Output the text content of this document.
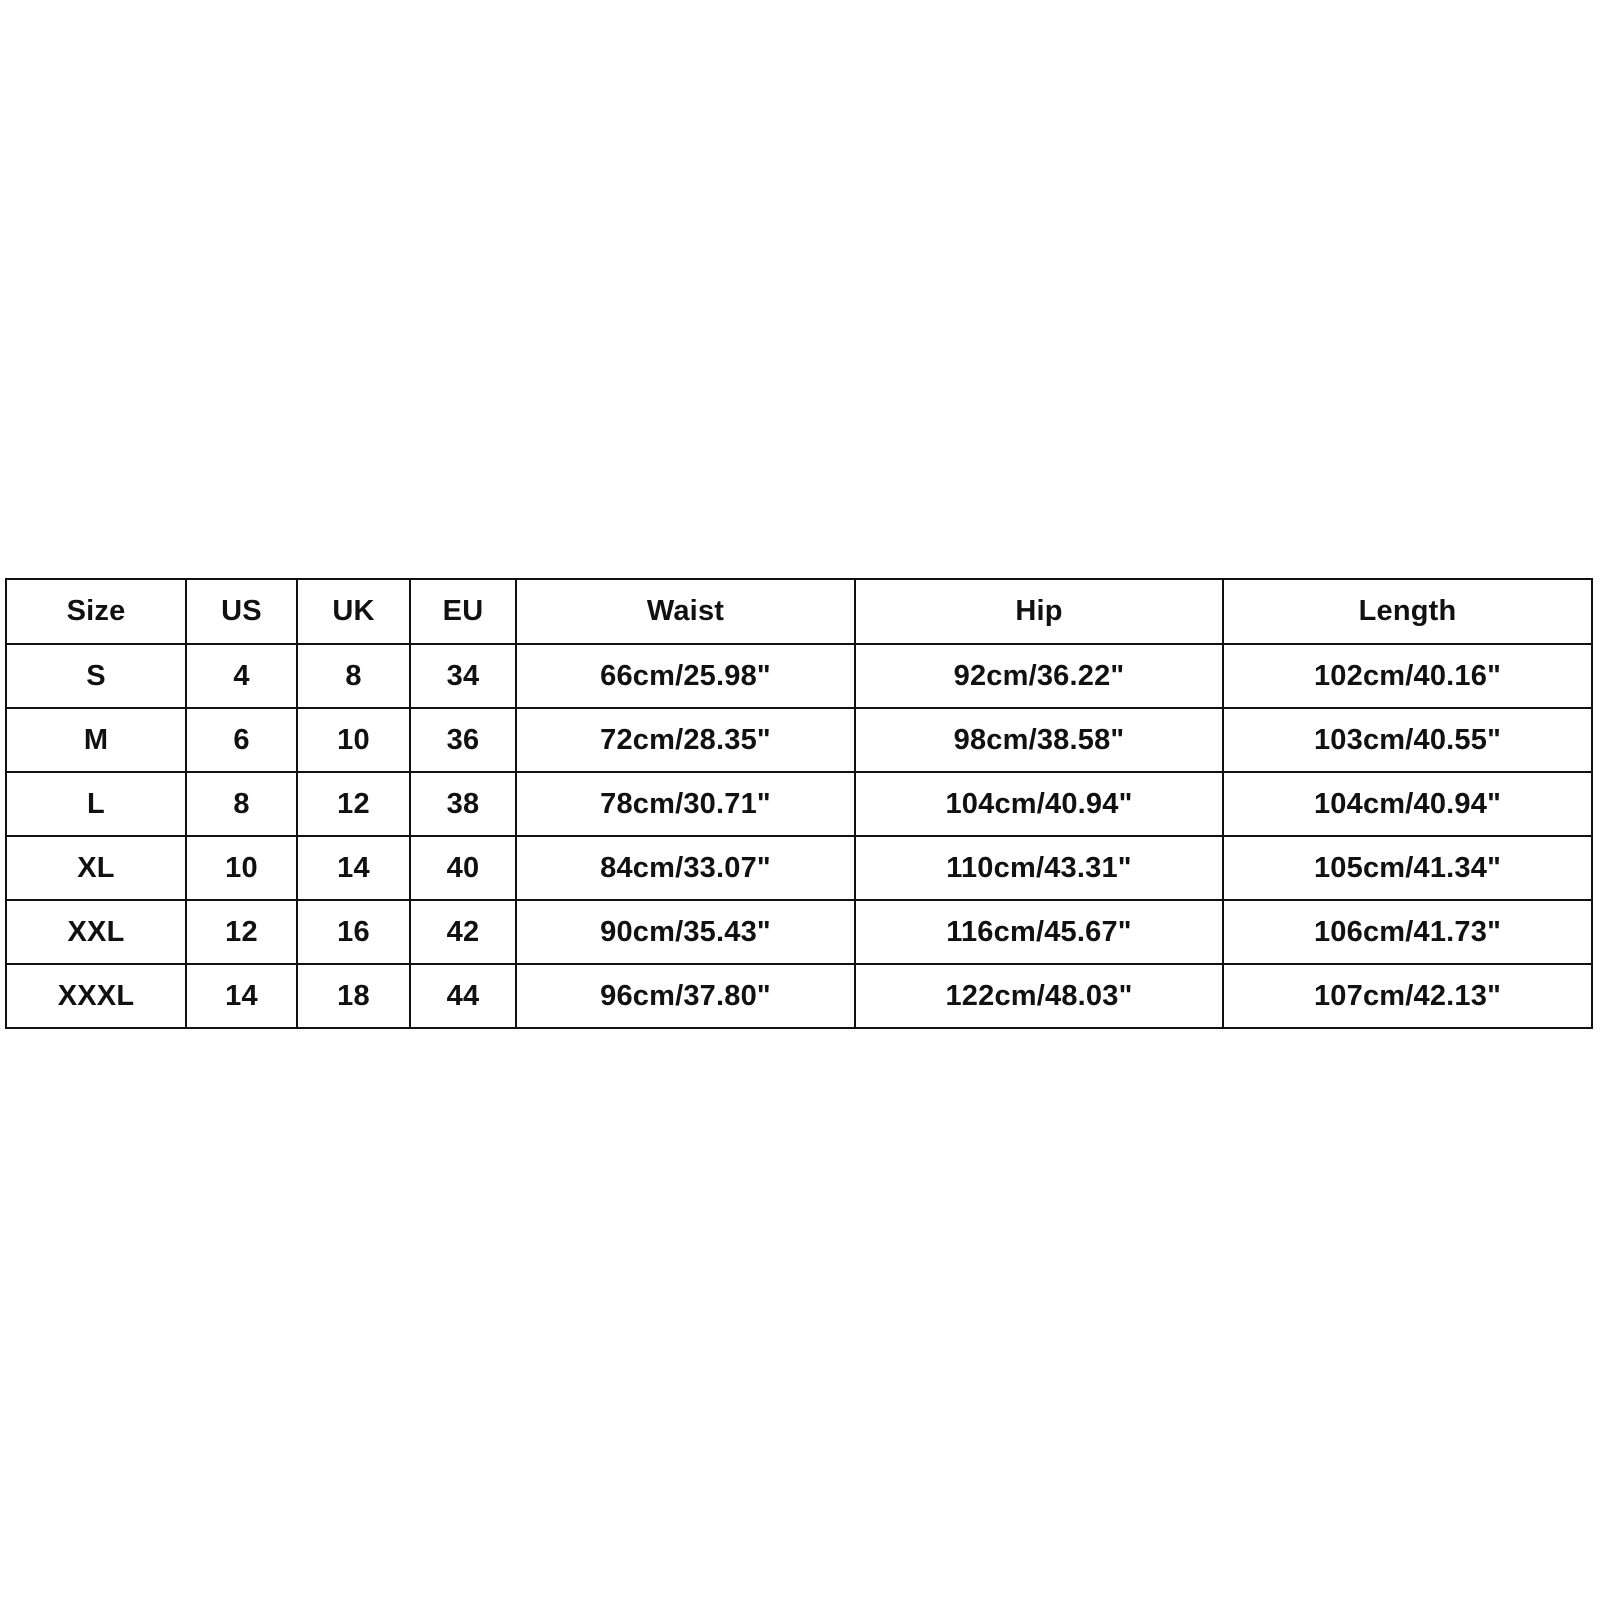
Size	US	UK	EU	Waist	Hip	Length
S	4	8	34	66cm/25.98"	92cm/36.22"	102cm/40.16"
M	6	10	36	72cm/28.35"	98cm/38.58"	103cm/40.55"
L	8	12	38	78cm/30.71"	104cm/40.94"	104cm/40.94"
XL	10	14	40	84cm/33.07"	110cm/43.31"	105cm/41.34"
XXL	12	16	42	90cm/35.43"	116cm/45.67"	106cm/41.73"
XXXL	14	18	44	96cm/37.80"	122cm/48.03"	107cm/42.13"
